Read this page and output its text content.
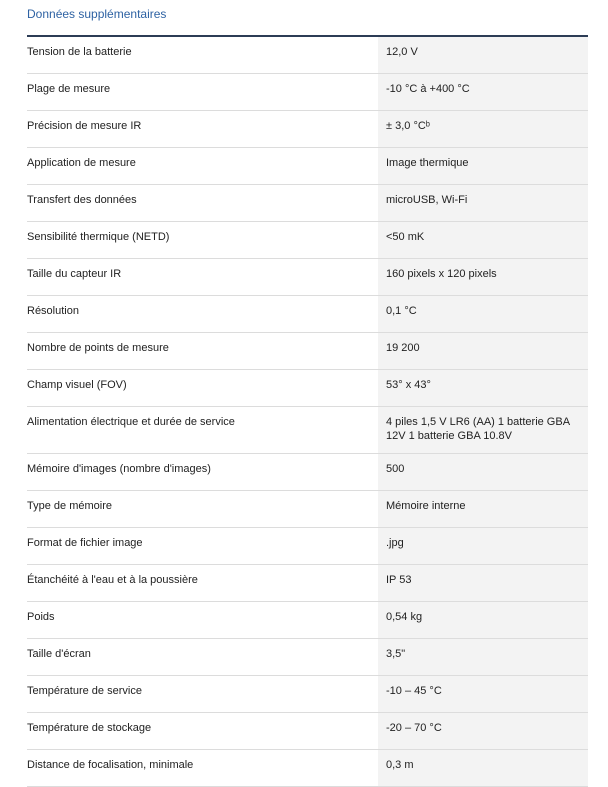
Données supplémentaires
Tension de la batterie	12,0 V
Plage de mesure	-10 °C à +400 °C
Précision de mesure IR	± 3,0 °Cᵇ
Application de mesure	Image thermique
Transfert des données	microUSB, Wi-Fi
Sensibilité thermique (NETD)	<50 mK
Taille du capteur IR	160 pixels x 120 pixels
Résolution	0,1 °C
Nombre de points de mesure	19 200
Champ visuel (FOV)	53° x 43°
Alimentation électrique et durée de service	4 piles 1,5 V LR6 (AA) 1 batterie GBA
12V 1 batterie GBA 10.8V
Mémoire d'images (nombre d'images)	500
Type de mémoire	Mémoire interne
Format de fichier image	.jpg
Étanchéité à l'eau et à la poussière	IP 53
Poids	0,54 kg
Taille d'écran	3,5"
Température de service	-10 – 45 °C
Température de stockage	-20 – 70 °C
Distance de focalisation, minimale	0,3 m
